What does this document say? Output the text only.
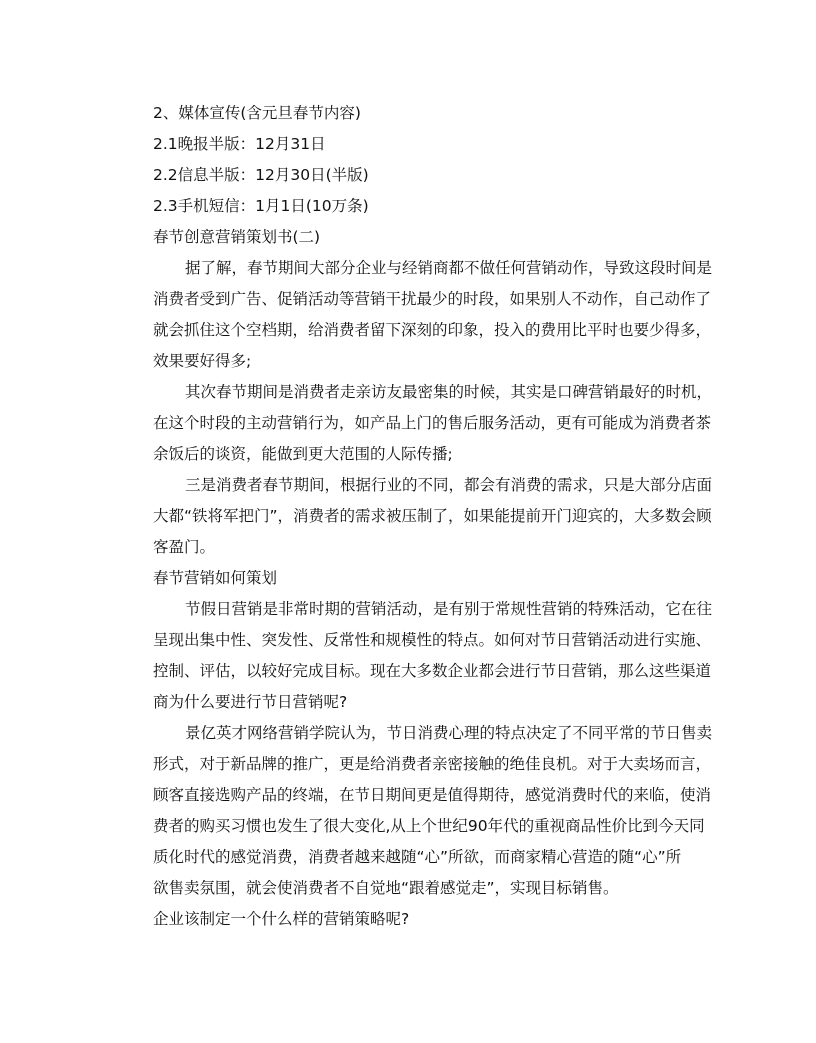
2、媒体宣传(含元旦春节内容)
2.1晚报半版：12月31日
2.2信息半版：12月30日(半版)
2.3手机短信：1月1日(10万条)
春节创意营销策划书(二)
据了解，春节期间大部分企业与经销商都不做任何营销动作，导致这段时间是
消费者受到广告、促销活动等营销干扰最少的时段，如果别人不动作，自己动作了
就会抓住这个空档期，给消费者留下深刻的印象，投入的费用比平时也要少得多，
效果要好得多;
其次春节期间是消费者走亲访友最密集的时候，其实是口碑营销最好的时机，
在这个时段的主动营销行为，如产品上门的售后服务活动，更有可能成为消费者茶
余饭后的谈资，能做到更大范围的人际传播;
三是消费者春节期间，根据行业的不同，都会有消费的需求，只是大部分店面
大都“铁将军把门”，消费者的需求被压制了，如果能提前开门迎宾的，大多数会顾
客盈门。
春节营销如何策划
节假日营销是非常时期的营销活动，是有别于常规性营销的特殊活动，它在往
呈现出集中性、突发性、反常性和规模性的特点。如何对节日营销活动进行实施、
控制、评估，以较好完成目标。现在大多数企业都会进行节日营销，那么这些渠道
商为什么要进行节日营销呢?
景亿英才网络营销学院认为，节日消费心理的特点决定了不同平常的节日售卖
形式，对于新品牌的推广，更是给消费者亲密接触的绝佳良机。对于大卖场而言，
顾客直接选购产品的终端，在节日期间更是值得期待，感觉消费时代的来临，使消
费者的购买习惯也发生了很大变化,从上个世纪90年代的重视商品性价比到今天同
质化时代的感觉消费，消费者越来越随“心”所欲，而商家精心营造的随“心”所
欲售卖氛围，就会使消费者不自觉地“跟着感觉走”，实现目标销售。
企业该制定一个什么样的营销策略呢?
